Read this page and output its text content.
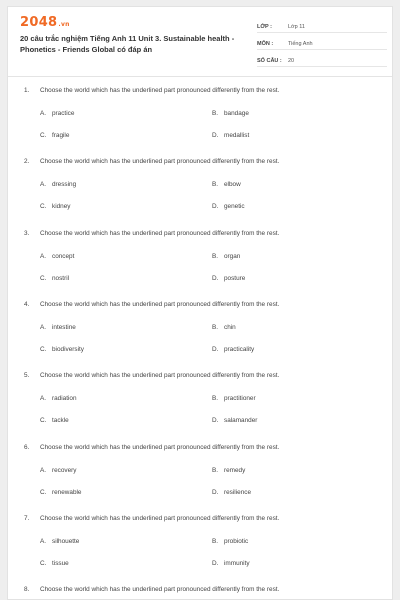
2048.vn
20 câu trắc nghiệm Tiếng Anh 11 Unit 3. Sustainable health - Phonetics - Friends Global có đáp án
LỚP :	Lớp 11
MÔN :	Tiếng Anh
SỐ CÂU :	20
1. Choose the world which has the underlined part pronounced differently from the rest.
A. practice	B. bandage
C. fragile	D. medallist
2. Choose the world which has the underlined part pronounced differently from the rest.
A. dressing	B. elbow
C. kidney	D. genetic
3. Choose the world which has the underlined part pronounced differently from the rest.
A. concept	B. organ
C. nostril	D. posture
4. Choose the world which has the underlined part pronounced differently from the rest.
A. intestine	B. chin
C. biodiversity	D. practicality
5. Choose the world which has the underlined part pronounced differently from the rest.
A. radiation	B. practitioner
C. tackle	D. salamander
6. Choose the world which has the underlined part pronounced differently from the rest.
A. recovery	B. remedy
C. renewable	D. resilience
7. Choose the world which has the underlined part pronounced differently from the rest.
A. silhouette	B. probiotic
C. tissue	D. immunity
8. Choose the world which has the underlined part pronounced differently from the rest.
